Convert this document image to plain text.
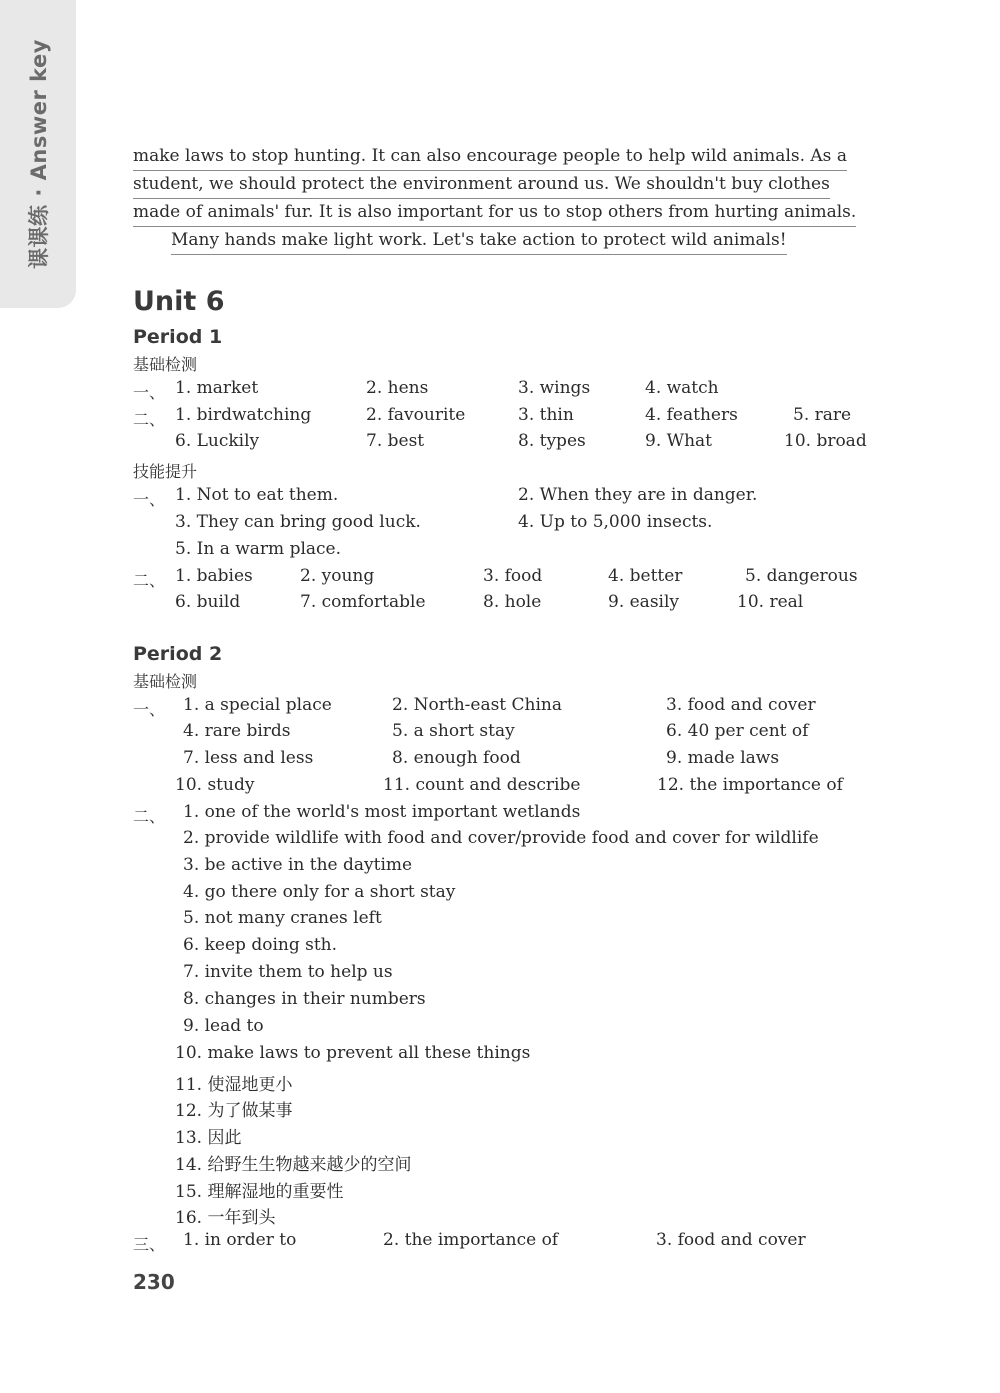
课课练 · Answer key	make laws to stop hunting. It can also encourage people to help wild animals. As a
student, we should protect the environment around us. We shouldn't buy clothes
made of animals' fur. It is also important for us to stop others from hurting animals.
Many hands make light work. Let's take action to protect wild animals!
Unit 6
Period 1
基础检测
一、 1. market	2. hens	3. wings	4. watch
二、 1. birdwatching	2. favourite	3. thin	4. feathers	5. rare
6. Luckily	7. best	8. types	9. What	10. broad
技能提升
一、 1. Not to eat them.	2. When they are in danger.
3. They can bring good luck.	4. Up to 5,000 insects.
5. In a warm place.
二、 1. babies	2. young	3. food	4. better	5. dangerous
6. build	7. comfortable	8. hole	9. easily	10. real
Period 2
基础检测
一、 1. a special place	2. North-east China	3. food and cover
4. rare birds	5. a short stay	6. 40 per cent of
7. less and less	8. enough food	9. made laws
10. study	11. count and describe	12. the importance of
二、 1. one of the world's most important wetlands
2. provide wildlife with food and cover/provide food and cover for wildlife
3. be active in the daytime
4. go there only for a short stay
5. not many cranes left
6. keep doing sth.
7. invite them to help us
8. changes in their numbers
9. lead to
10. make laws to prevent all these things
11. 使湿地更小
12. 为了做某事
13. 因此
14. 给野生生物越来越少的空间
15. 理解湿地的重要性
16. 一年到头
三、 1. in order to	2. the importance of	3. food and cover
230
